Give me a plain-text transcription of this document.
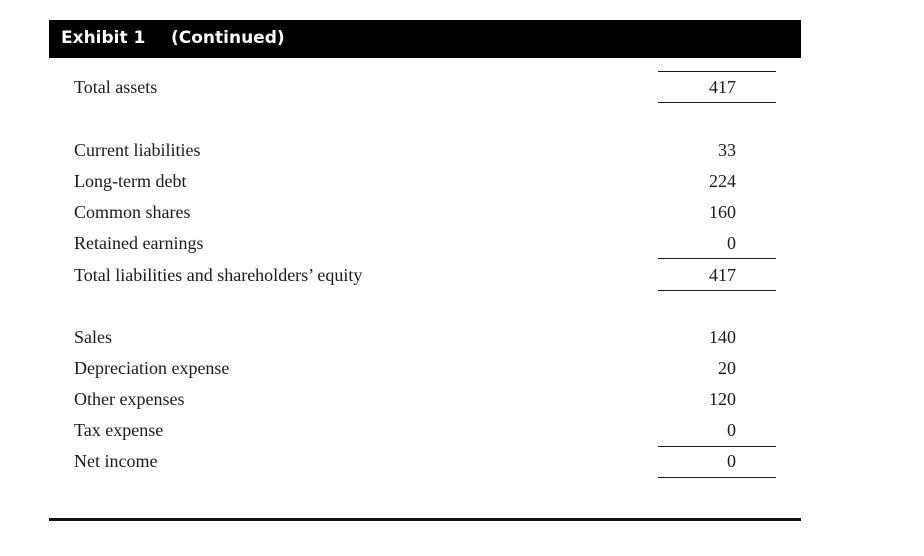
Exhibit 1 (Continued)
Total assets	417
Current liabilities	33
Long-term debt	224
Common shares	160
Retained earnings	0
Total liabilities and shareholders’ equity	417
Sales	140
Depreciation expense	20
Other expenses	120
Tax expense	0
Net income	0
